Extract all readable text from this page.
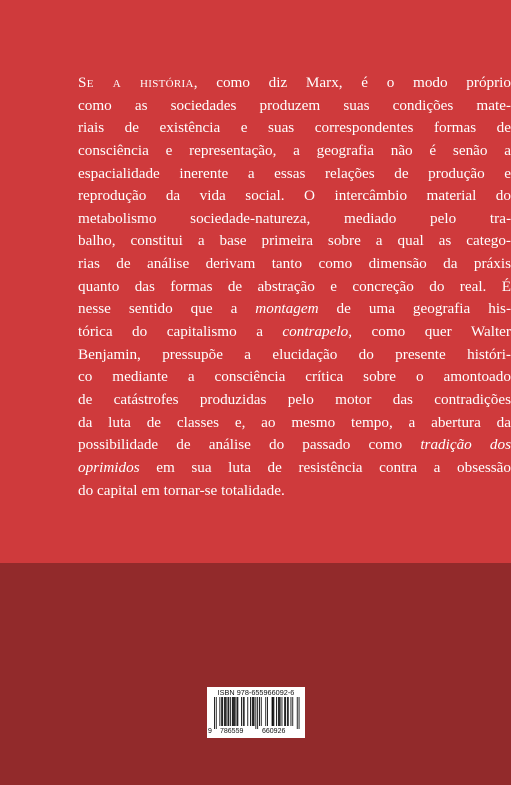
Se a história, como diz Marx, é o modo próprio
como as sociedades produzem suas condições mate-
riais de existência e suas correspondentes formas de
consciência e representação, a geografia não é senão a
espacialidade inerente a essas relações de produção e
reprodução da vida social. O intercâmbio material do
metabolismo sociedade-natureza, mediado pelo tra-
balho, constitui a base primeira sobre a qual as catego-
rias de análise derivam tanto como dimensão da práxis
quanto das formas de abstração e concreção do real. É
nesse sentido que a montagem de uma geografia his-
tórica do capitalismo a contrapelo, como quer Walter
Benjamin, pressupõe a elucidação do presente históri-
co mediante a consciência crítica sobre o amontoado
de catástrofes produzidas pelo motor das contradições
da luta de classes e, ao mesmo tempo, a abertura da
possibilidade de análise do passado como tradição dos
oprimidos em sua luta de resistência contra a obsessão
do capital em tornar-se totalidade.
ISBN 978-655966092-6
9 786559	660926
